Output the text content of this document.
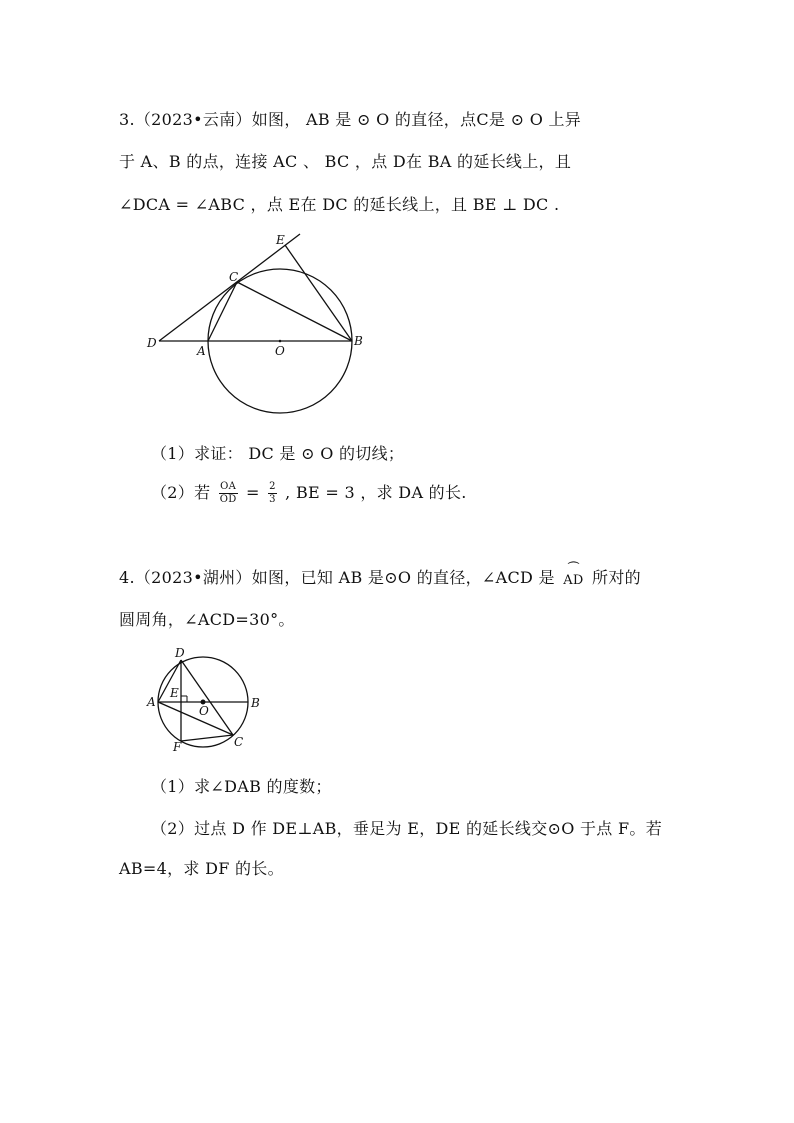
3.（2023•云南）如图， AB 是 ⊙ O 的直径，点C是 ⊙ O 上异
于 A、B 的点，连接 AC 、 BC ，点 D在 BA 的延长线上，且
∠DCA = ∠ABC ，点 E在 DC 的延长线上，且 BE ⊥ DC .
E
C
D
A	O
B
（1）求证： DC 是 ⊙ O 的切线；
（2）若 $\frac{OA}{OD} = \frac{2}{3}$ , BE = 3 ，求 DA 的长.
4.（2023•湖州）如图，已知 AB 是⊙O 的直径，∠ACD 是 ⏜
AD 所对的
圆周角，∠ACD=30°。
D
A
E
O
B
F	C
（1）求∠DAB 的度数；
（2）过点 D 作 DE⊥AB，垂足为 E，DE 的延长线交⊙O 于点 F。若
AB=4，求 DF 的长。
